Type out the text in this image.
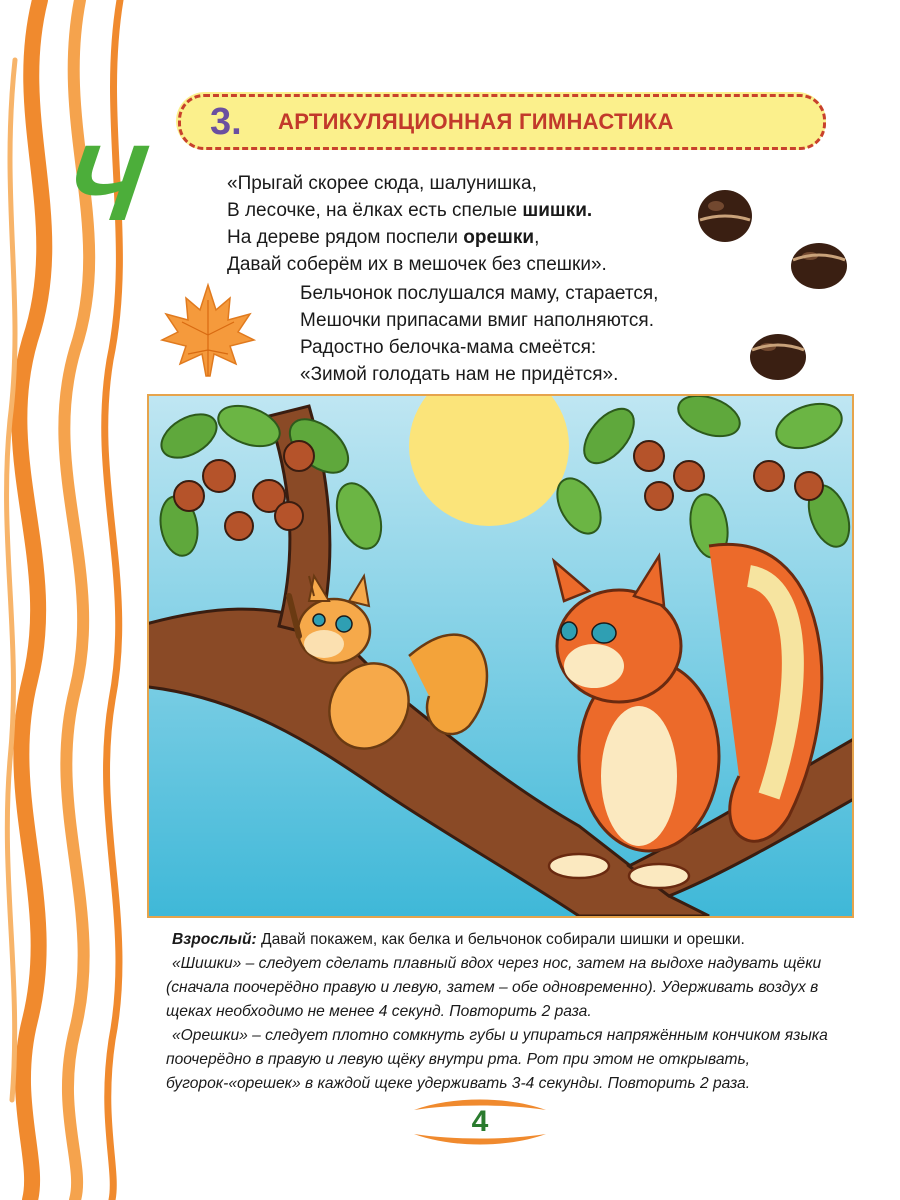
Ч 3.	АРТИКУЛЯЦИОННАЯ ГИМНАСТИКА
«Прыгай скорее сюда, шалунишка,
В лесочке, на ёлках есть спелые шишки.
На дереве рядом поспели орешки,
Давай соберём их в мешочек без спешки».
Бельчонок послушался маму, старается,
Мешочки припасами вмиг наполняются.
Радостно белочка-мама смеётся:
«Зимой голодать нам не придётся».

Взрослый: Давай покажем, как белка и бельчонок собирали шишки и орешки.

«Шишки» – следует сделать плавный вдох через нос, затем на выдохе надувать щёки (сначала поочерёдно правую и левую, затем – обе одновременно). Удерживать воздух в щеках необходимо не менее 4 секунд. Повторить 2 раза.

«Орешки» – следует плотно сомкнуть губы и упираться напряжённым кончиком языка поочерёдно в правую и левую щёку внутри рта. Рот при этом не открывать, бугорок-«орешек» в каждой щеке удерживать 3-4 секунды. Повторить 2 раза.

4
